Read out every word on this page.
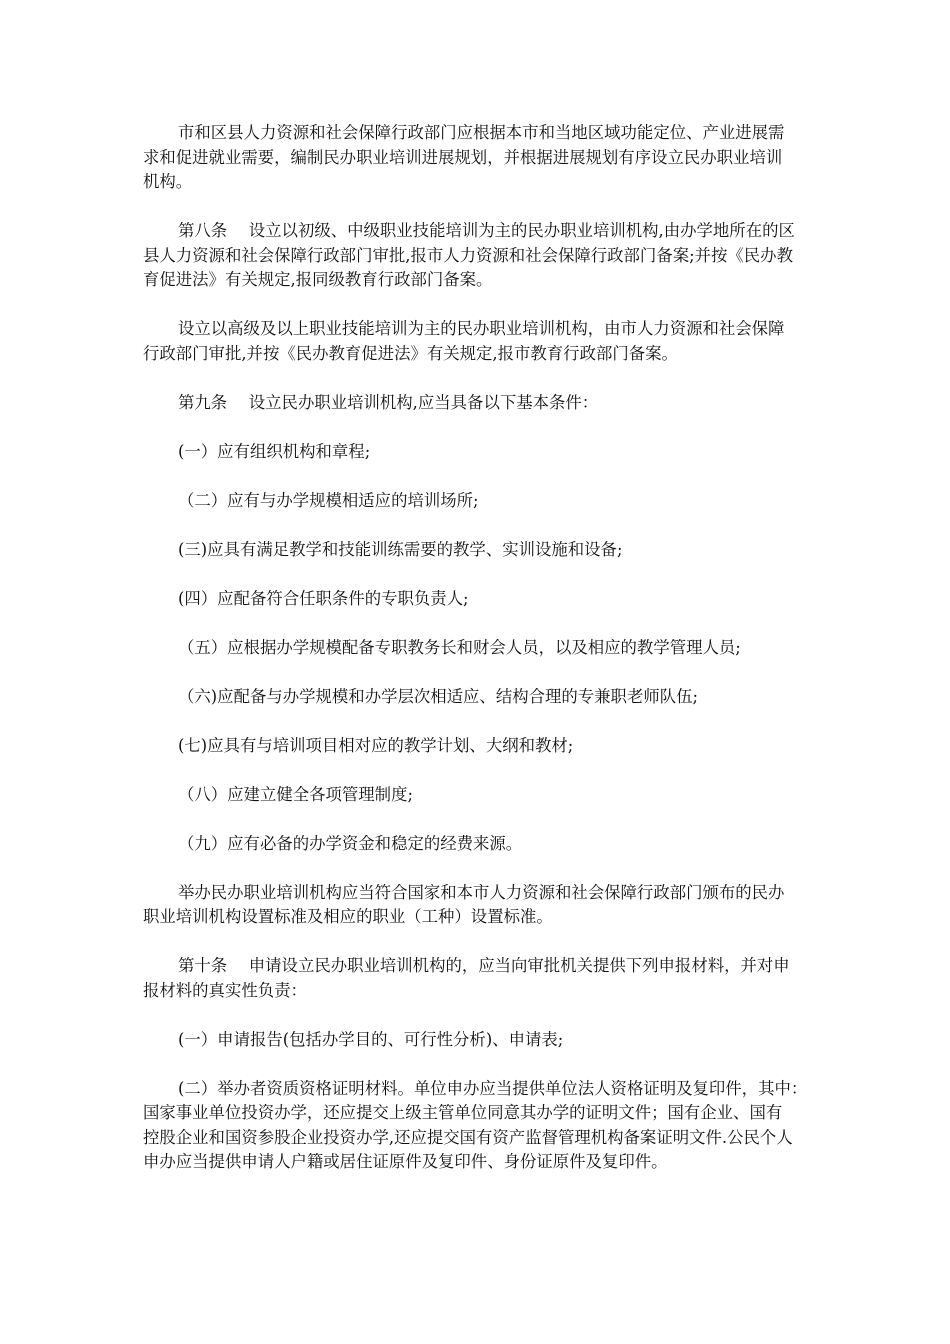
市和区县人力资源和社会保障行政部门应根据本市和当地区域功能定位、产业进展需
求和促进就业需要，编制民办职业培训进展规划，并根据进展规划有序设立民办职业培训
机构。
第八条　 设立以初级、中级职业技能培训为主的民办职业培训机构,由办学地所在的区
县人力资源和社会保障行政部门审批,报市人力资源和社会保障行政部门备案;并按《民办教
育促进法》有关规定,报同级教育行政部门备案。
设立以高级及以上职业技能培训为主的民办职业培训机构，由市人力资源和社会保障
行政部门审批,并按《民办教育促进法》有关规定,报市教育行政部门备案。
第九条　 设立民办职业培训机构,应当具备以下基本条件：
(一）应有组织机构和章程;
（二）应有与办学规模相适应的培训场所;
(三)应具有满足教学和技能训练需要的教学、实训设施和设备;
(四）应配备符合任职条件的专职负责人;
（五）应根据办学规模配备专职教务长和财会人员，以及相应的教学管理人员;
（六)应配备与办学规模和办学层次相适应、结构合理的专兼职老师队伍;
(七)应具有与培训项目相对应的教学计划、大纲和教材;
（八）应建立健全各项管理制度;
（九）应有必备的办学资金和稳定的经费来源。
举办民办职业培训机构应当符合国家和本市人力资源和社会保障行政部门颁布的民办
职业培训机构设置标准及相应的职业（工种）设置标准。
第十条　 申请设立民办职业培训机构的，应当向审批机关提供下列申报材料，并对申
报材料的真实性负责：
(一）申请报告(包括办学目的、可行性分析)、申请表;
(二）举办者资质资格证明材料。单位申办应当提供单位法人资格证明及复印件，其中：
国家事业单位投资办学，还应提交上级主管单位同意其办学的证明文件；国有企业、国有
控股企业和国资参股企业投资办学,还应提交国有资产监督管理机构备案证明文件.公民个人
申办应当提供申请人户籍或居住证原件及复印件、身份证原件及复印件。
